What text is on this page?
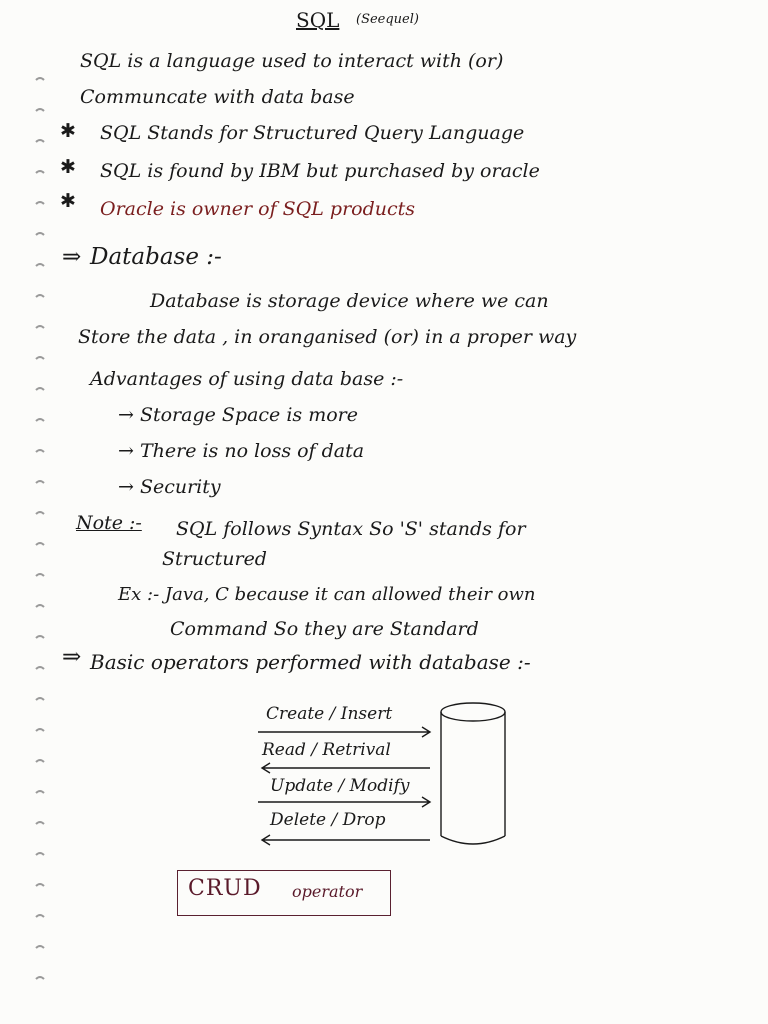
SQL (Seequel)
SQL is a language used to interact with (or)
Communcate with data base
✱ SQL Stands for Structured Query Language
✱ SQL is found by IBM but purchased by oracle
✱ Oracle is owner of SQL products
⇒ Database :-
Database is storage device where we can
Store the data , in oranganised (or) in a proper way
Advantages of using data base :-
→ Storage Space is more
→ There is no loss of data
→ Security
Note :- SQL follows Syntax So 'S' stands for
Structured
Ex :- Java, C because it can allowed their own
Command So they are Standard
⇒ Basic operators performed with database :-
Create / Insert
Read / Retrival
Update / Modify
Delete / Drop
CRUD operator
